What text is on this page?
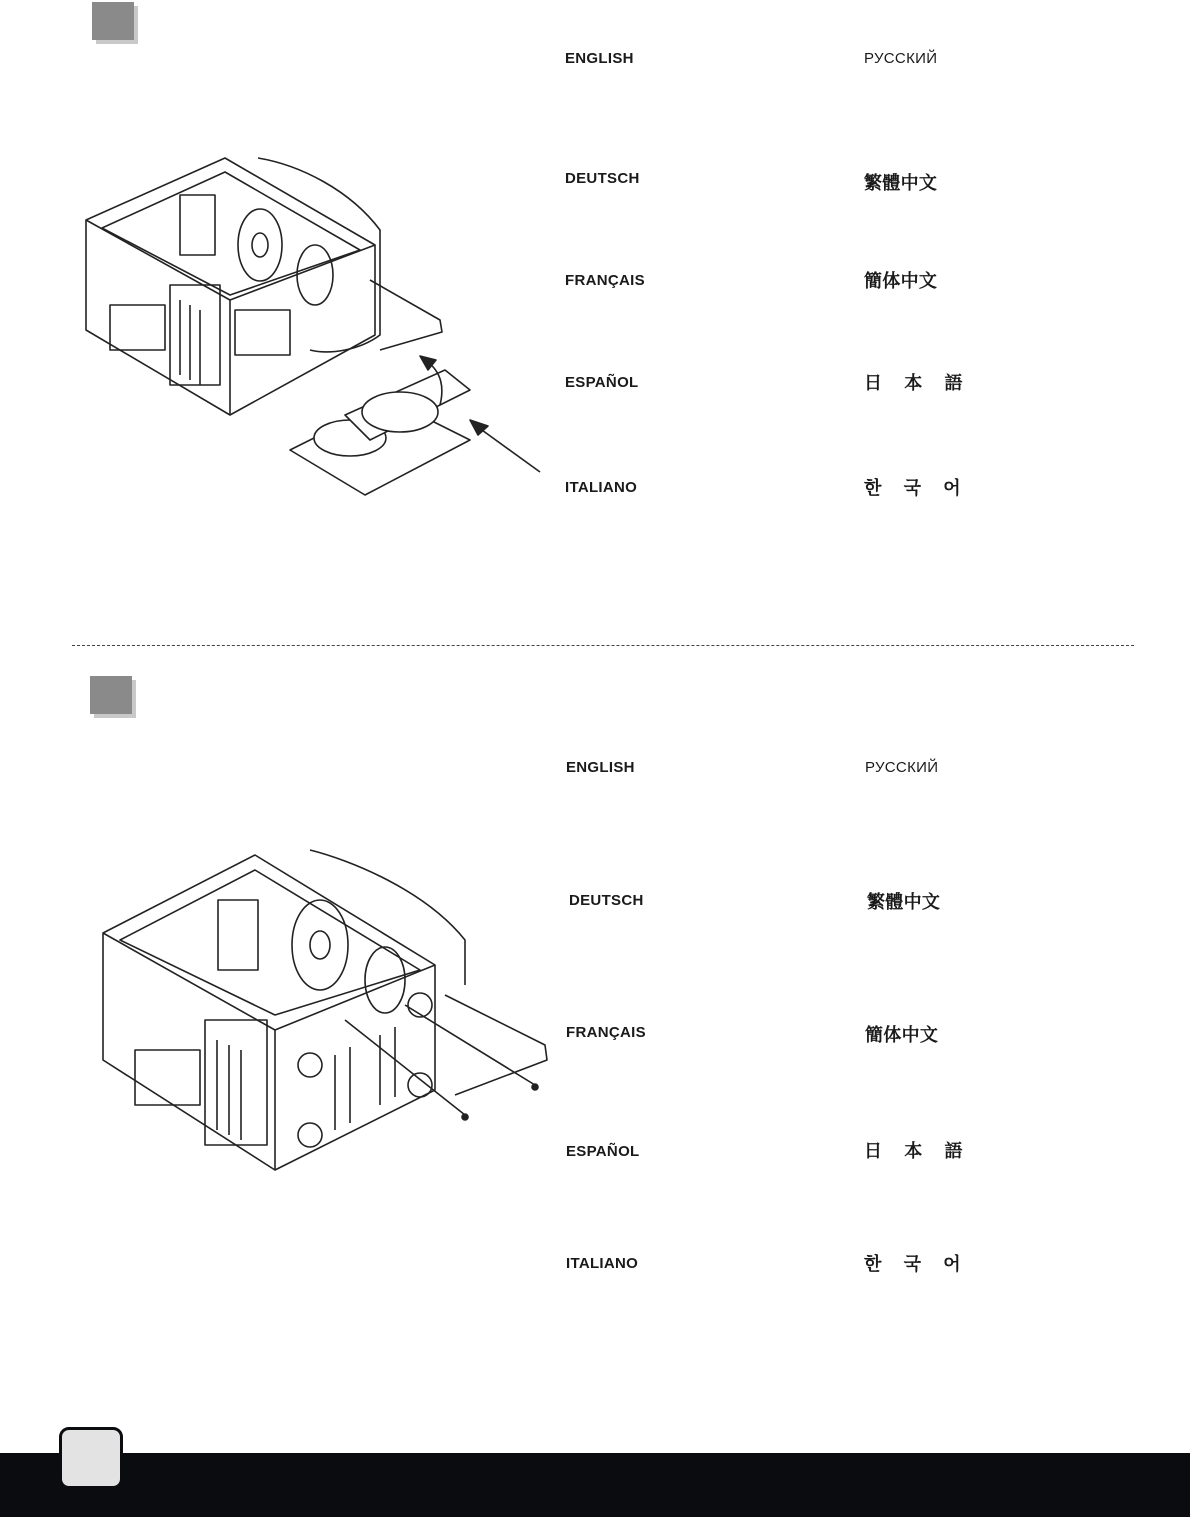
ENGLISH	РУССКИЙ
DEUTSCH	繁體中文
FRANÇAIS	簡体中文
ESPAÑOL	日 本 語
ITALIANO	한 국 어
ENGLISH	РУССКИЙ
DEUTSCH	繁體中文
FRANÇAIS	簡体中文
ESPAÑOL	日 本 語
ITALIANO	한 국 어
